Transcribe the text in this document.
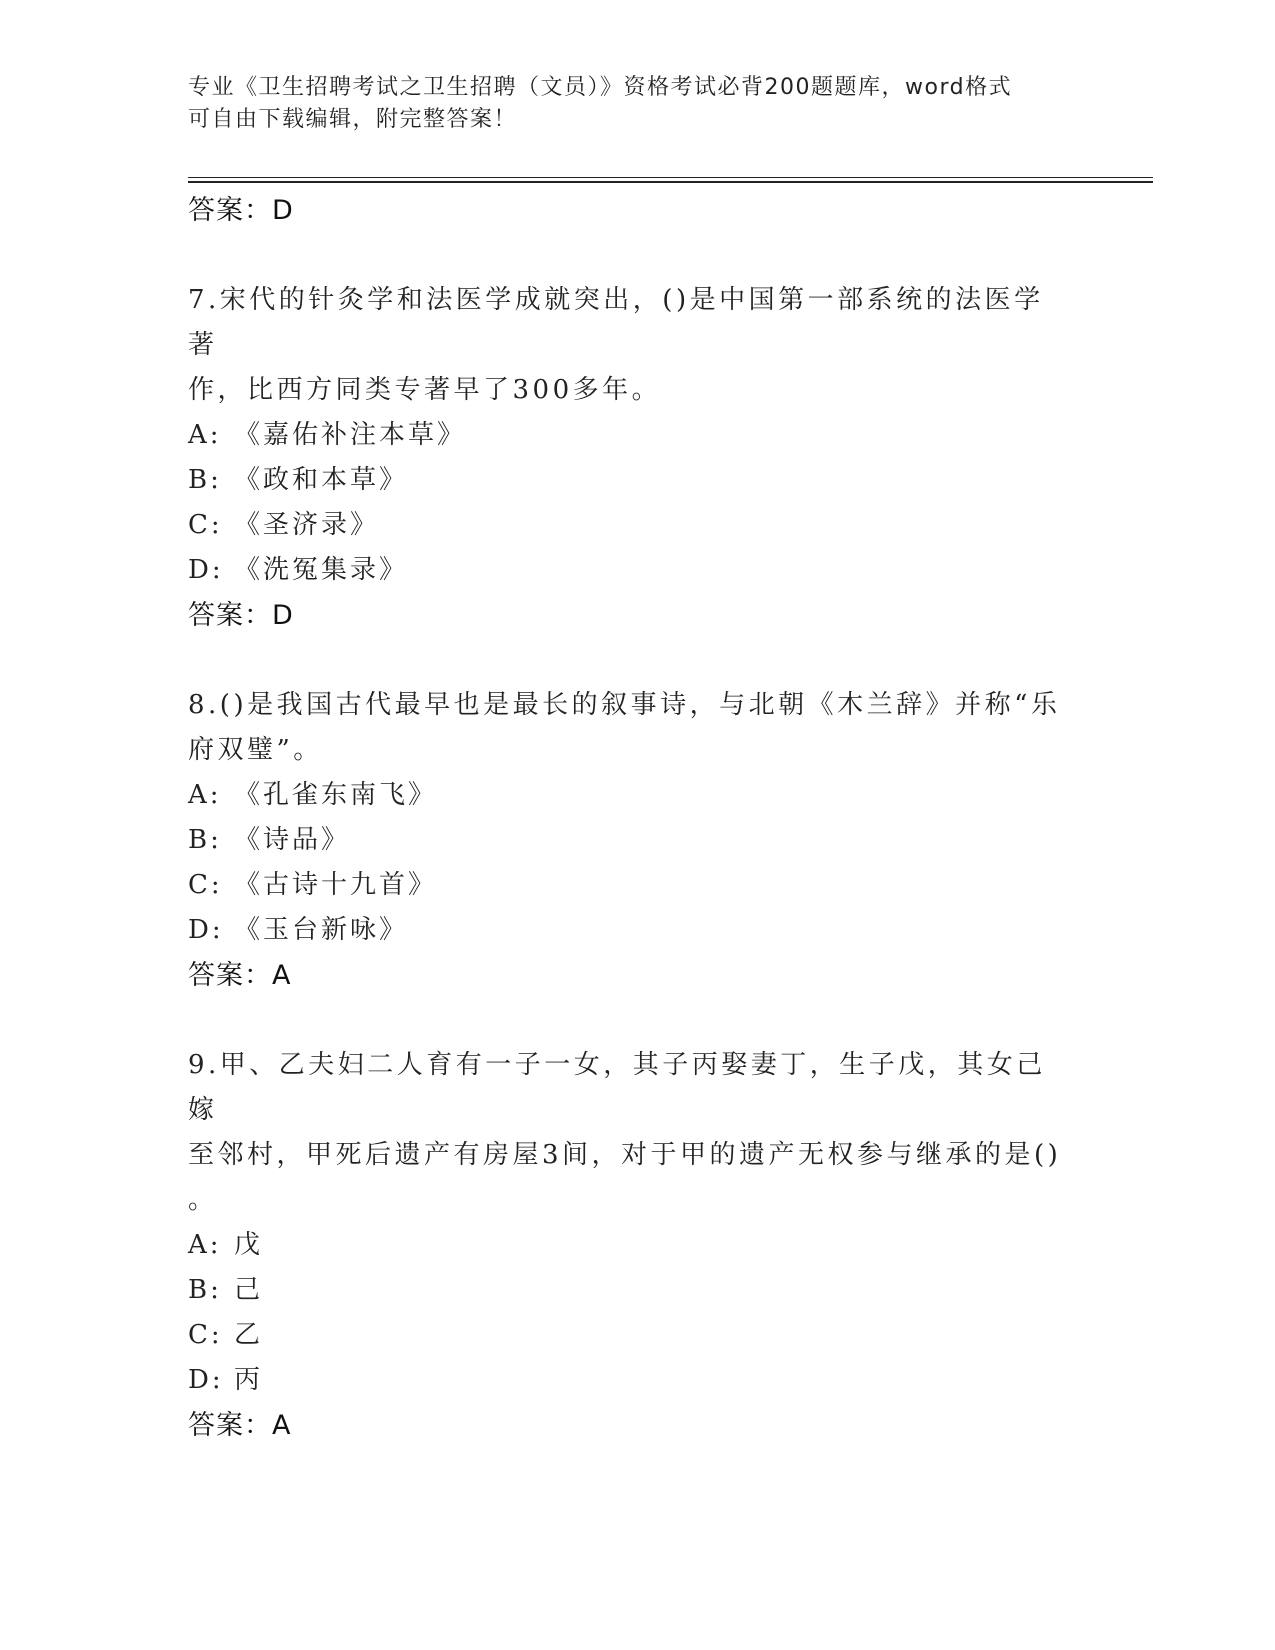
专业《卫生招聘考试之卫生招聘（文员）》资格考试必背200题题库，word格式
可自由下载编辑，附完整答案！

答案：D

7.宋代的针灸学和法医学成就突出，()是中国第一部系统的法医学著
作，比西方同类专著早了300多年。

A: 《嘉佑补注本草》
B: 《政和本草》
C: 《圣济录》
D: 《洗冤集录》

答案：D

8.()是我国古代最早也是最长的叙事诗，与北朝《木兰辞》并称“乐
府双璧”。

A: 《孔雀东南飞》
B: 《诗品》
C: 《古诗十九首》
D: 《玉台新咏》

答案：A

9.甲、乙夫妇二人育有一子一女，其子丙娶妻丁，生子戊，其女己嫁
至邻村，甲死后遗产有房屋3间，对于甲的遗产无权参与继承的是()
。

A: 戊
B: 己
C: 乙
D: 丙

答案：A
